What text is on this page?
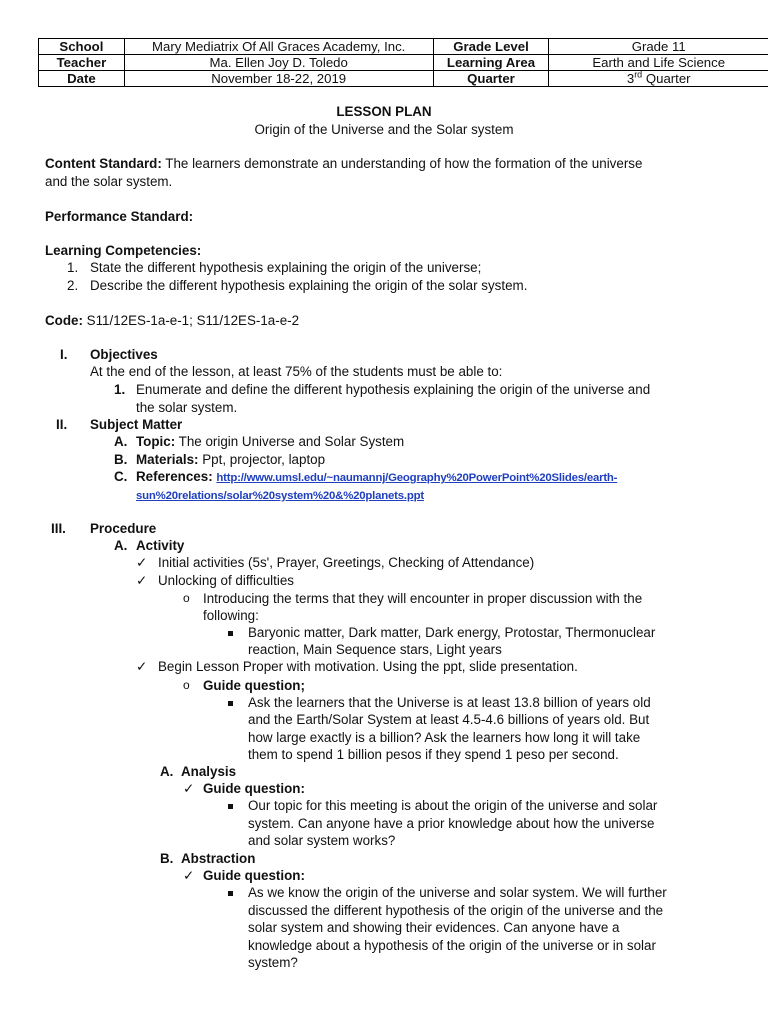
School	Mary Mediatrix Of All Graces Academy, Inc.	Grade Level	Grade 11
Teacher	Ma. Ellen Joy D. Toledo	Learning Area	Earth and Life Science
Date	November 18-22, 2019	Quarter	3rd Quarter
LESSON PLAN
Origin of the Universe and the Solar system
Content Standard: The learners demonstrate an understanding of how the formation of the universe
and the solar system.
Performance Standard:
Learning Competencies:
1. State the different hypothesis explaining the origin of the universe;
2. Describe the different hypothesis explaining the origin of the solar system.
Code: S11/12ES-1a-e-1; S11/12ES-1a-e-2
I. Objectives
At the end of the lesson, at least 75% of the students must be able to:
1. Enumerate and define the different hypothesis explaining the origin of the universe and
the solar system.
II. Subject Matter
A. Topic: The origin Universe and Solar System
B. Materials: Ppt, projector, laptop
C. References: http://www.umsl.edu/~naumannj/Geography%20PowerPoint%20Slides/earth-
sun%20relations/solar%20system%20&%20planets.ppt
III. Procedure
A. Activity
✓ Initial activities (5s', Prayer, Greetings, Checking of Attendance)
✓ Unlocking of difficulties
o Introducing the terms that they will encounter in proper discussion with the
following:
Baryonic matter, Dark matter, Dark energy, Protostar, Thermonuclear
reaction, Main Sequence stars, Light years
✓ Begin Lesson Proper with motivation. Using the ppt, slide presentation.
o Guide question;
Ask the learners that the Universe is at least 13.8 billion of years old
and the Earth/Solar System at least 4.5-4.6 billions of years old. But
how large exactly is a billion? Ask the learners how long it will take
them to spend 1 billion pesos if they spend 1 peso per second.
A. Analysis
✓ Guide question:
Our topic for this meeting is about the origin of the universe and solar
system. Can anyone have a prior knowledge about how the universe
and solar system works?
B. Abstraction
✓ Guide question:
As we know the origin of the universe and solar system. We will further
discussed the different hypothesis of the origin of the universe and the
solar system and showing their evidences. Can anyone have a
knowledge about a hypothesis of the origin of the universe or in solar
system?
